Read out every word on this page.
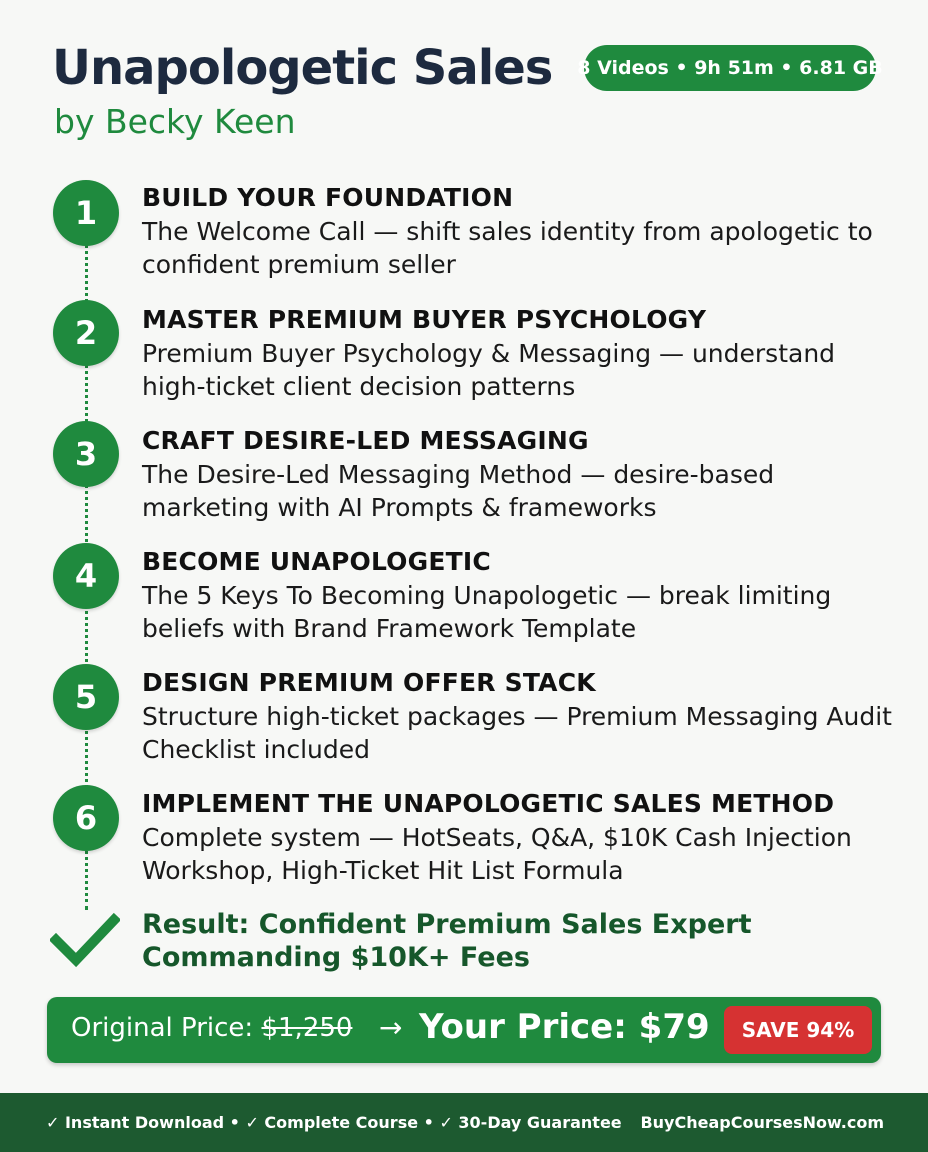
Unapologetic Sales
by Becky Keen
8 Videos • 9h 51m • 6.81 GB
1	BUILD YOUR FOUNDATION
The Welcome Call — shift sales identity from apologetic to confident premium seller
2	MASTER PREMIUM BUYER PSYCHOLOGY
Premium Buyer Psychology & Messaging — understand high-ticket client decision patterns
3	CRAFT DESIRE-LED MESSAGING
The Desire-Led Messaging Method — desire-based marketing with AI Prompts & frameworks
4	BECOME UNAPOLOGETIC
The 5 Keys To Becoming Unapologetic — break limiting beliefs with Brand Framework Template
5	DESIGN PREMIUM OFFER STACK
Structure high-ticket packages — Premium Messaging Audit Checklist included
6	IMPLEMENT THE UNAPOLOGETIC SALES METHOD
Complete system — HotSeats, Q&A, $10K Cash Injection Workshop, High-Ticket Hit List Formula
Result: Confident Premium Sales Expert Commanding $10K+ Fees
Original Price: $1,250 → Your Price: $79	SAVE 94%
✓ Instant Download • ✓ Complete Course • ✓ 30-Day Guarantee BuyCheapCoursesNow.com
